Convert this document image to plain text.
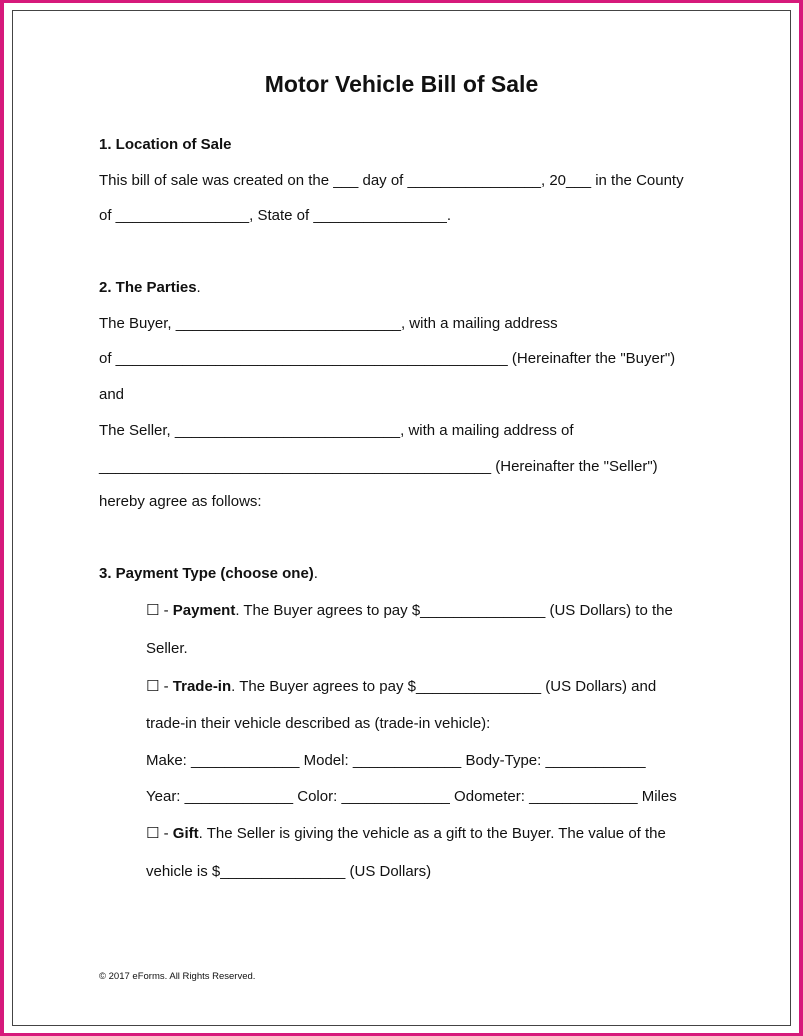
Motor Vehicle Bill of Sale
1. Location of Sale
This bill of sale was created on the ___ day of ________________, 20___ in the County
of ________________, State of ________________.
2. The Parties.
The Buyer, ___________________________, with a mailing address
of _______________________________________________ (Hereinafter the "Buyer")
and
The Seller, ___________________________, with a mailing address of
_______________________________________________ (Hereinafter the "Seller")
hereby agree as follows:
3. Payment Type (choose one).
☐ - Payment. The Buyer agrees to pay $_______________ (US Dollars) to the
Seller.
☐ - Trade-in. The Buyer agrees to pay $_______________ (US Dollars) and
trade-in their vehicle described as (trade-in vehicle):
Make: _____________ Model: _____________ Body-Type: ____________
Year: _____________ Color: _____________ Odometer: _____________ Miles
☐ - Gift. The Seller is giving the vehicle as a gift to the Buyer. The value of the
vehicle is $_______________ (US Dollars)
© 2017 eForms. All Rights Reserved.
